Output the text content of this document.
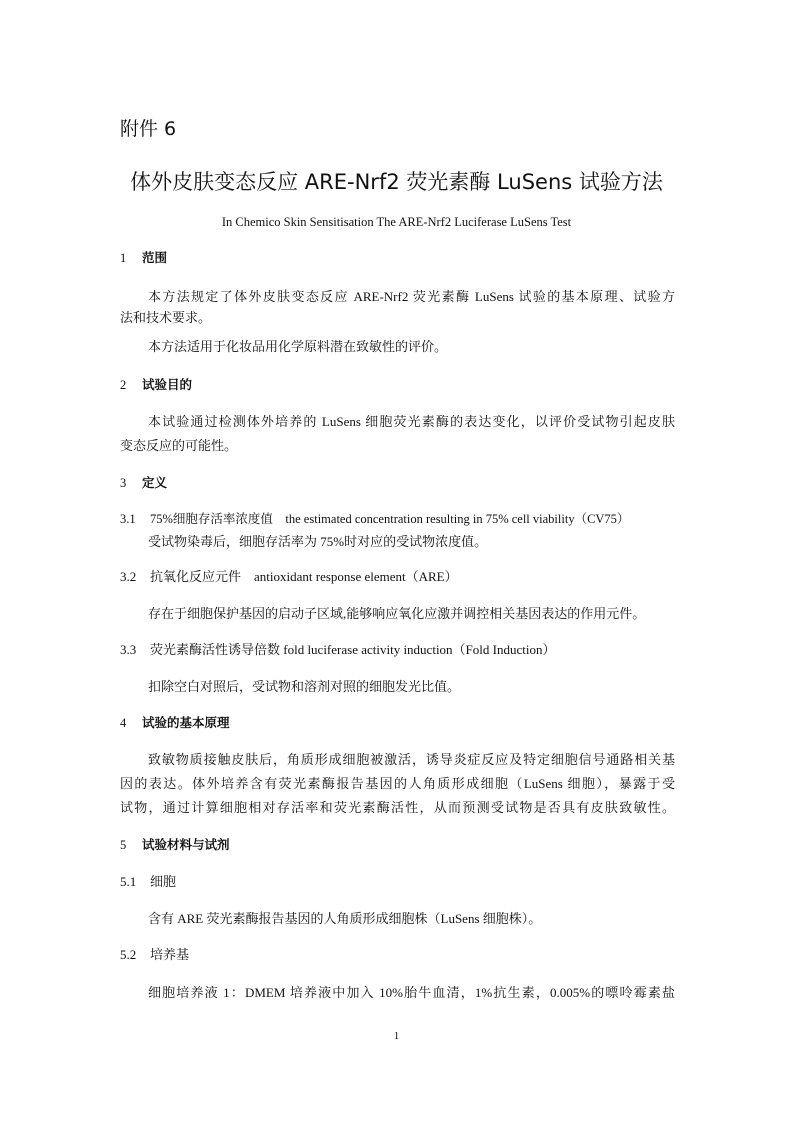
附件 6
体外皮肤变态反应 ARE-Nrf2 荧光素酶 LuSens 试验方法
In Chemico Skin Sensitisation The ARE-Nrf2 Luciferase LuSens Test
1 范围
本方法规定了体外皮肤变态反应 ARE-Nrf2 荧光素酶 LuSens 试验的基本原理、试验方
法和技术要求。
本方法适用于化妆品用化学原料潜在致敏性的评价。
2 试验目的
本试验通过检测体外培养的 LuSens 细胞荧光素酶的表达变化，以评价受试物引起皮肤
变态反应的可能性。
3 定义
3.1 75%细胞存活率浓度值　the estimated concentration resulting in 75% cell viability（CV75）
受试物染毒后，细胞存活率为 75%时对应的受试物浓度值。
3.2 抗氧化反应元件　antioxidant response element（ARE）
存在于细胞保护基因的启动子区域,能够响应氧化应激并调控相关基因表达的作用元件。
3.3 荧光素酶活性诱导倍数 fold luciferase activity induction（Fold Induction）
扣除空白对照后，受试物和溶剂对照的细胞发光比值。
4 试验的基本原理
致敏物质接触皮肤后，角质形成细胞被激活，诱导炎症反应及特定细胞信号通路相关基
因的表达。体外培养含有荧光素酶报告基因的人角质形成细胞（LuSens 细胞），暴露于受
试物，通过计算细胞相对存活率和荧光素酶活性，从而预测受试物是否具有皮肤致敏性。
5 试验材料与试剂
5.1 细胞
含有 ARE 荧光素酶报告基因的人角质形成细胞株（LuSens 细胞株）。
5.2 培养基
细胞培养液 1：DMEM 培养液中加入 10%胎牛血清，1%抗生素，0.005%的嘌呤霉素盐
1
